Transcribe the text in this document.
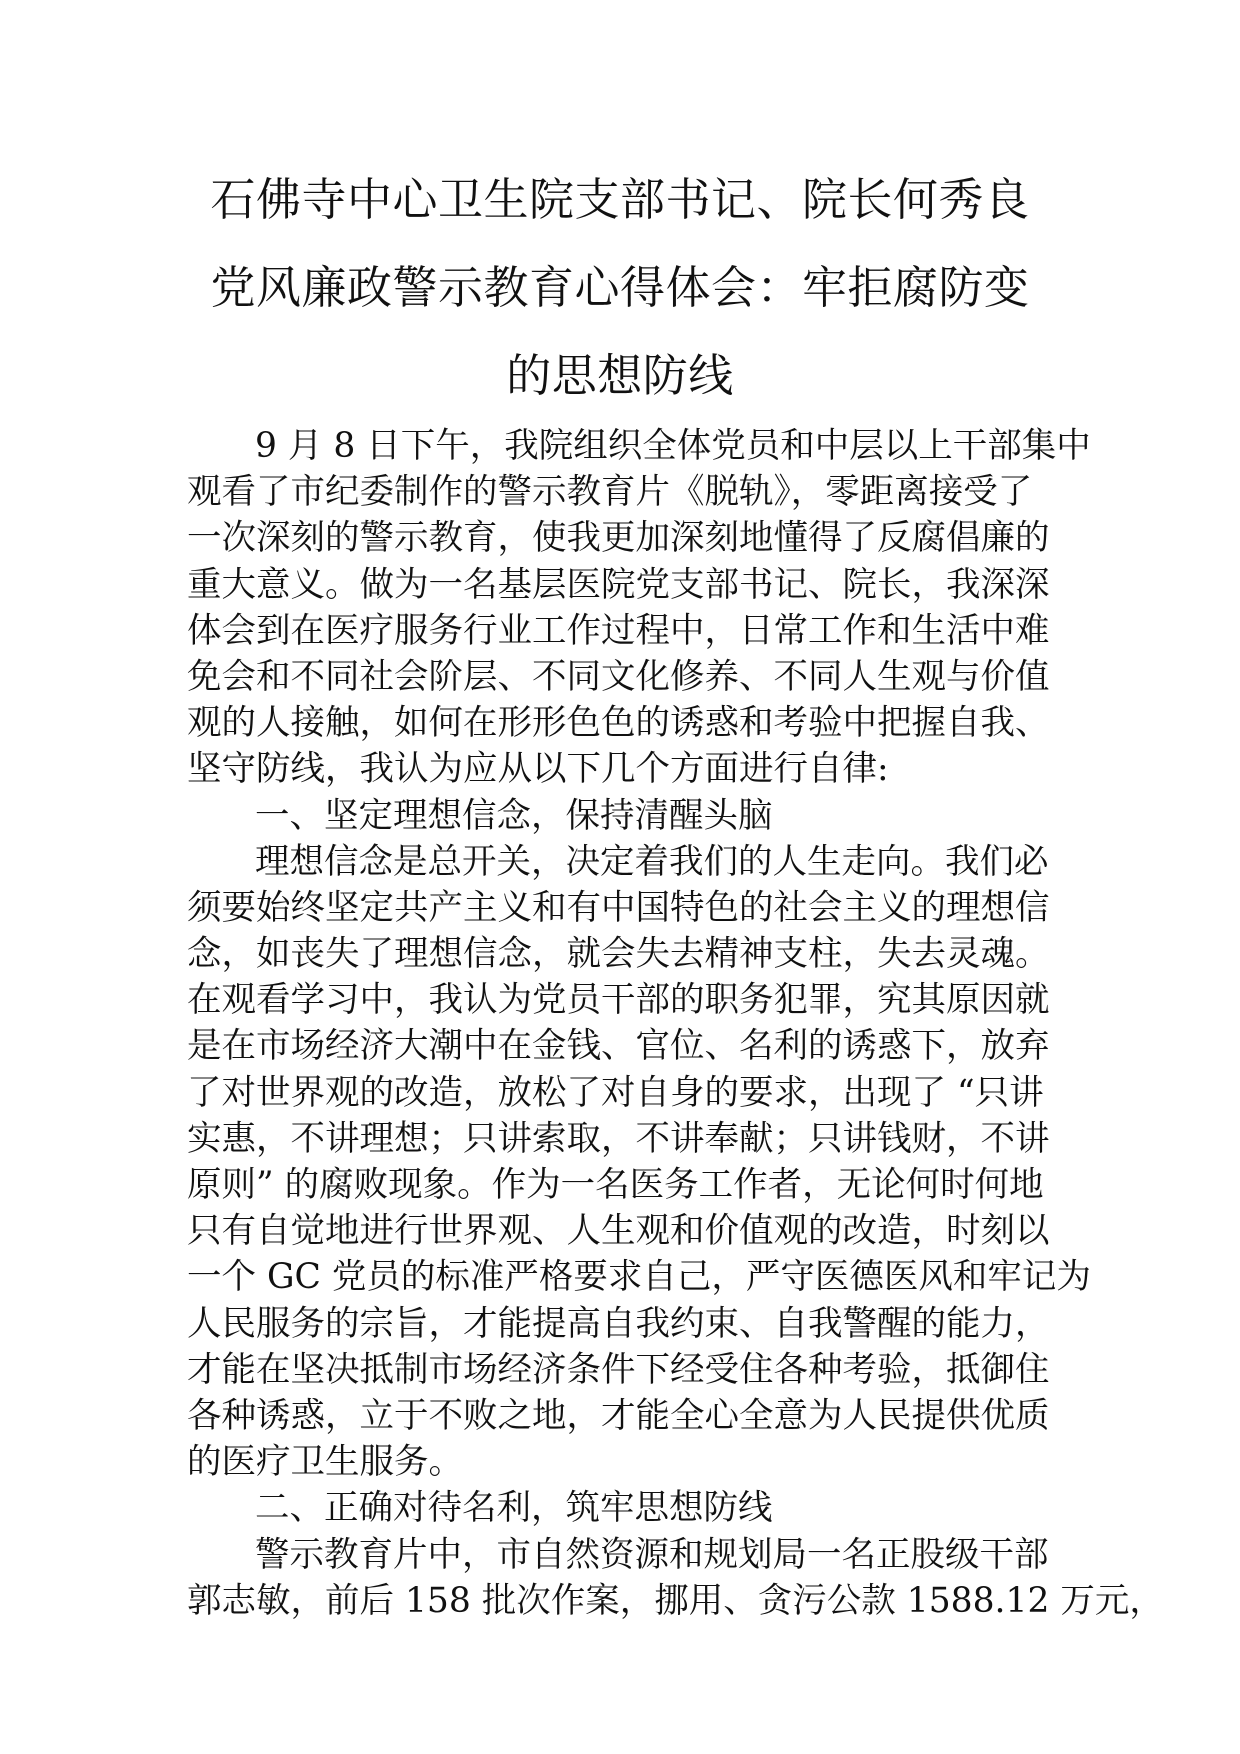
石佛寺中心卫生院支部书记、院长何秀良
党风廉政警示教育心得体会：牢拒腐防变
的思想防线
9 月 8 日下午，我院组织全体党员和中层以上干部集中
观看了市纪委制作的警示教育片《脱轨》，零距离接受了
一次深刻的警示教育，使我更加深刻地懂得了反腐倡廉的
重大意义。做为一名基层医院党支部书记、院长，我深深
体会到在医疗服务行业工作过程中，日常工作和生活中难
免会和不同社会阶层、不同文化修养、不同人生观与价值
观的人接触，如何在形形色色的诱惑和考验中把握自我、
坚守防线，我认为应从以下几个方面进行自律:
一、坚定理想信念，保持清醒头脑
理想信念是总开关，决定着我们的人生走向。我们必
须要始终坚定共产主义和有中国特色的社会主义的理想信
念，如丧失了理想信念，就会失去精神支柱，失去灵魂。
在观看学习中，我认为党员干部的职务犯罪，究其原因就
是在市场经济大潮中在金钱、官位、名利的诱惑下，放弃
了对世界观的改造，放松了对自身的要求，出现了 “只讲
实惠，不讲理想；只讲索取，不讲奉献；只讲钱财，不讲
原则” 的腐败现象。作为一名医务工作者，无论何时何地
只有自觉地进行世界观、人生观和价值观的改造，时刻以
一个 GC 党员的标准严格要求自己，严守医德医风和牢记为
人民服务的宗旨，才能提高自我约束、自我警醒的能力，
才能在坚决抵制市场经济条件下经受住各种考验，抵御住
各种诱惑，立于不败之地，才能全心全意为人民提供优质
的医疗卫生服务。
二、正确对待名利，筑牢思想防线
警示教育片中，市自然资源和规划局一名正股级干部
郭志敏，前后 158 批次作案，挪用、贪污公款 1588.12 万元，
